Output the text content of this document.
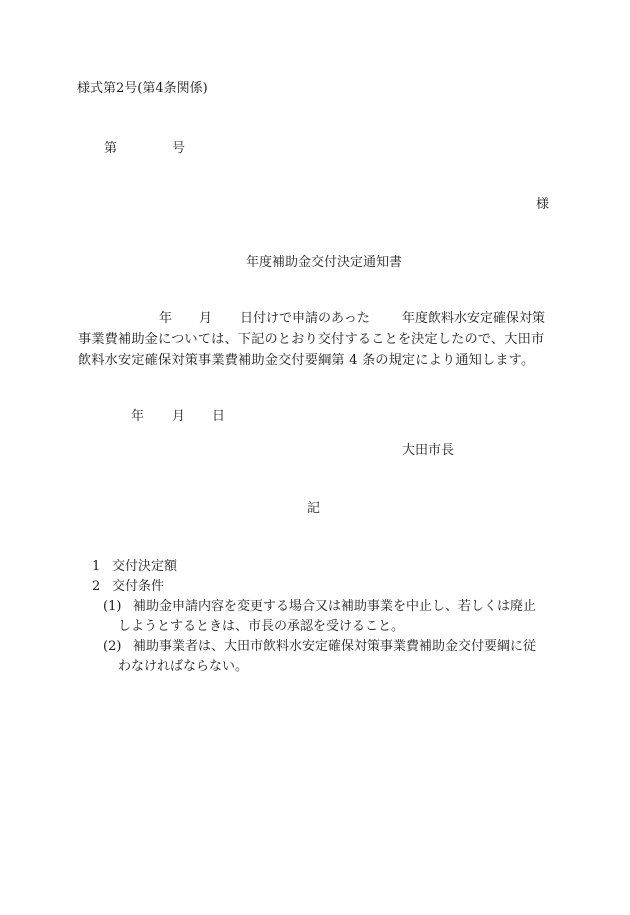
様式第2号(第4条関係)
第	号
様
年度補助金交付決定通知書
年 月 日付けで申請のあった 年度飲料水安定確保対策
事業費補助金については、下記のとおり交付することを決定したので、大田市
飲料水安定確保対策事業費補助金交付要綱第 4 条の規定により通知します。
年 月 日
大田市長
記
1 交付決定額
2 交付条件
(1) 補助金申請内容を変更する場合又は補助事業を中止し、若しくは廃止
しようとするときは、市長の承認を受けること。
(2) 補助事業者は、大田市飲料水安定確保対策事業費補助金交付要綱に従
わなければならない。
